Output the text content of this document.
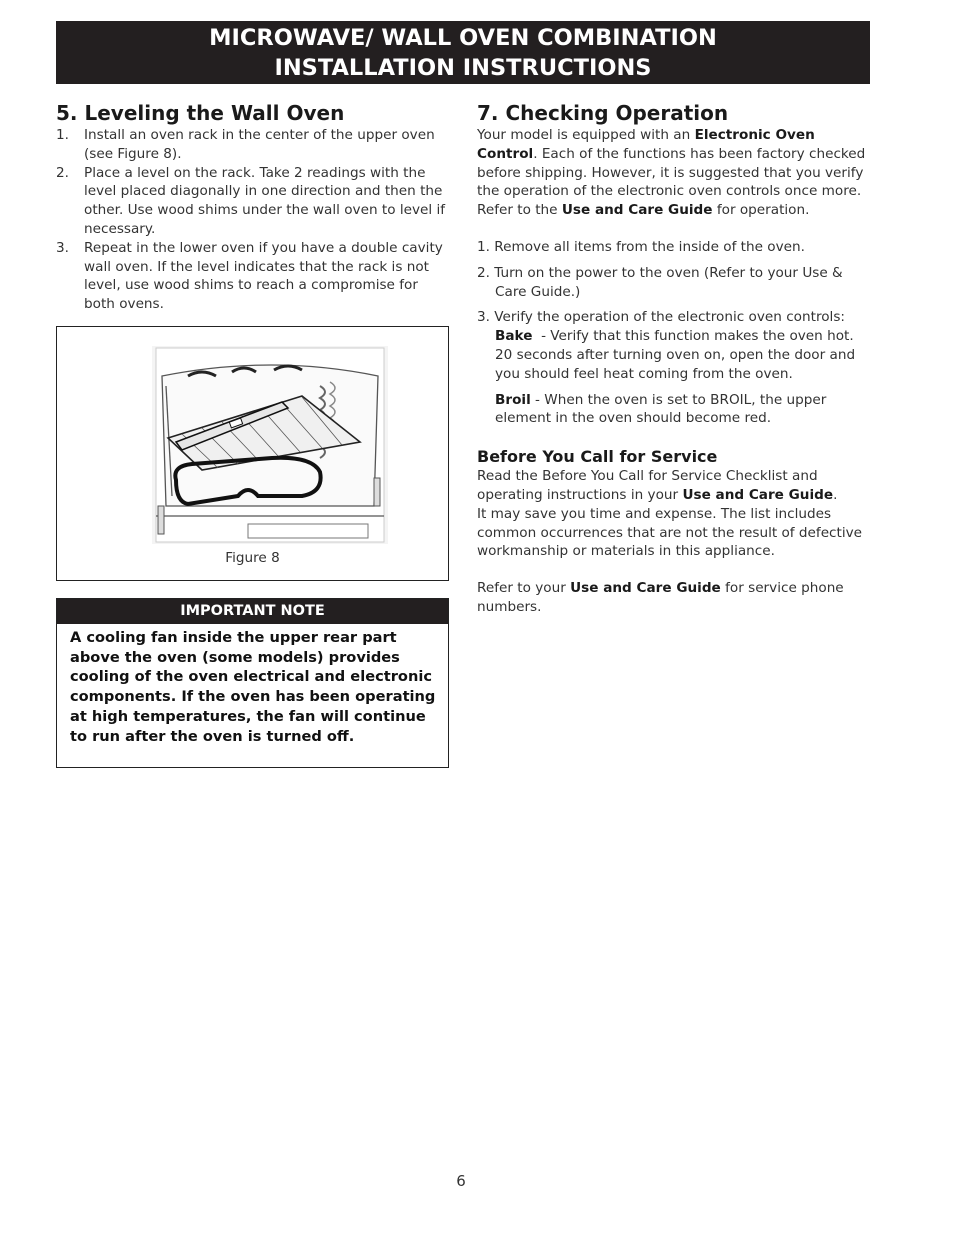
MICROWAVE/ WALL OVEN COMBINATION
INSTALLATION INSTRUCTIONS
5. Leveling the Wall Oven
1.	Install an oven rack in the center of the upper oven (see Figure 8).
2.	Place a level on the rack. Take 2 readings with the level placed diagonally in one direction and then the other. Use wood shims under the wall oven to level if necessary.
3.	Repeat in the lower oven if you have a double cavity wall oven. If the level indicates that the rack is not level, use wood shims to reach a compromise for both ovens.
Figure 8
IMPORTANT NOTE
A cooling fan inside the upper rear part above the oven (some models) provides cooling of the oven electrical and electronic components. If the oven has been operating at high temperatures, the fan will continue to run after the oven is turned off.
7. Checking Operation
Your model is equipped with an Electronic Oven Control. Each of the functions has been factory checked before shipping. However, it is suggested that you verify the operation of the electronic oven controls once more. Refer to the Use and Care Guide for operation.
1. Remove all items from the inside of the oven.
2. Turn on the power to the oven (Refer to your Use &
Care Guide.)
3. Verify the operation of the electronic oven controls:
Bake  - Verify that this function makes the oven hot. 20 seconds after turning oven on, open the door and you should feel heat coming from the oven.
Broil - When the oven is set to BROIL, the upper element in the oven should become red.
Before You Call for Service
Read the Before You Call for Service Checklist and operating instructions in your Use and Care Guide.
It may save you time and expense. The list includes common occurrences that are not the result of defective workmanship or materials in this appliance.
Refer to your Use and Care Guide for service phone numbers.
6
